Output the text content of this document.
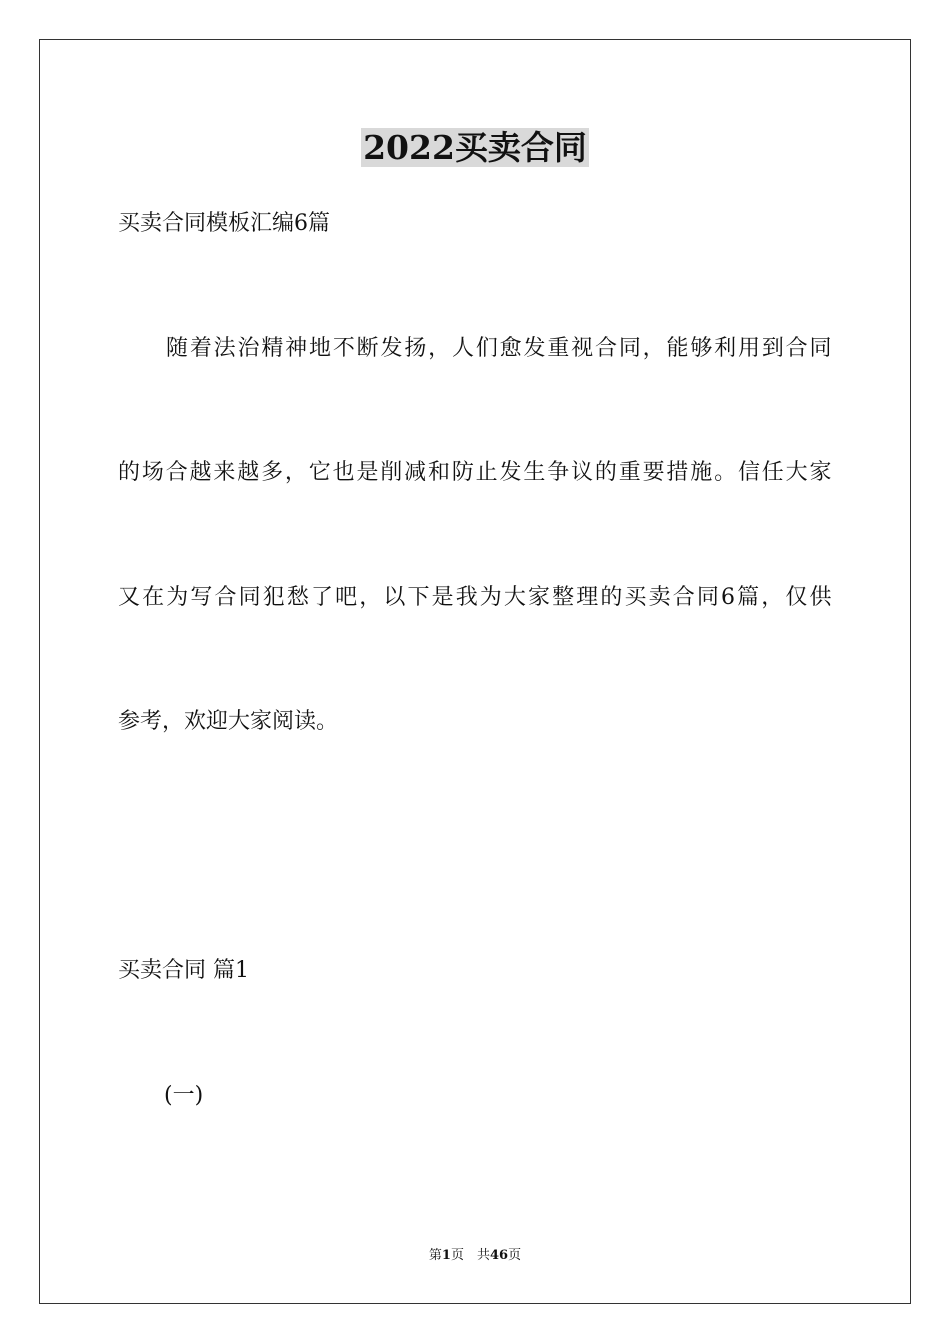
2022买卖合同
买卖合同模板汇编6篇
随着法治精神地不断发扬，人们愈发重视合同，能够利用到合同
的场合越来越多，它也是削减和防止发生争议的重要措施。信任大家
又在为写合同犯愁了吧，以下是我为大家整理的买卖合同6篇，仅供
参考，欢迎大家阅读。
买卖合同 篇1
(一)
第1页　共46页
